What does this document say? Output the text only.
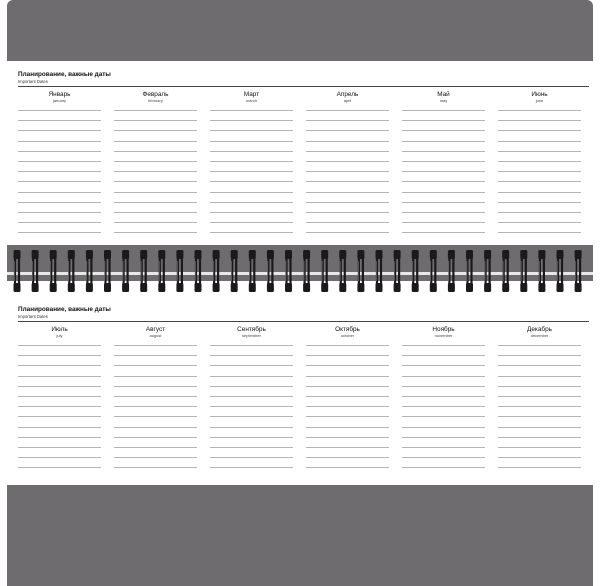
Планирование, важные даты
Important Dates
Январь
january
Февраль
february
Март
march
Апрель
april
Май
may
Июнь
june
Планирование, важные даты
Important Dates
Июль
july
Август
august
Сентябрь
september
Октябрь
october
Ноябрь
november
Декабрь
december
